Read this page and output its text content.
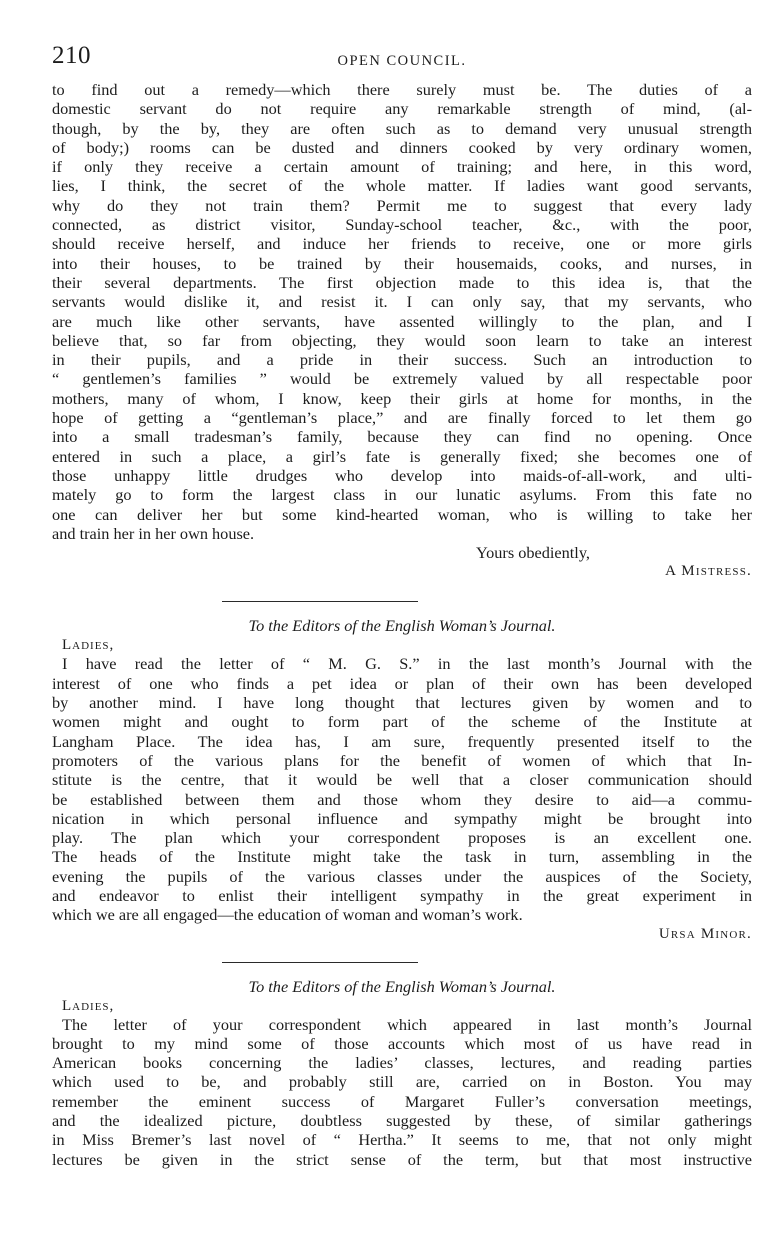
210	OPEN COUNCIL.
to find out a remedy—which there surely must be. The duties of a
domestic servant do not require any remarkable strength of mind, (al-
though, by the by, they are often such as to demand very unusual strength
of body;) rooms can be dusted and dinners cooked by very ordinary women,
if only they receive a certain amount of training; and here, in this word,
lies, I think, the secret of the whole matter. If ladies want good servants,
why do they not train them? Permit me to suggest that every lady
connected, as district visitor, Sunday-school teacher, &c., with the poor,
should receive herself, and induce her friends to receive, one or more girls
into their houses, to be trained by their housemaids, cooks, and nurses, in
their several departments. The first objection made to this idea is, that the
servants would dislike it, and resist it. I can only say, that my servants, who
are much like other servants, have assented willingly to the plan, and I
believe that, so far from objecting, they would soon learn to take an interest
in their pupils, and a pride in their success. Such an introduction to
“ gentlemen’s families ” would be extremely valued by all respectable poor
mothers, many of whom, I know, keep their girls at home for months, in the
hope of getting a “gentleman’s place,” and are finally forced to let them go
into a small tradesman’s family, because they can find no opening. Once
entered in such a place, a girl’s fate is generally fixed; she becomes one of
those unhappy little drudges who develop into maids-of-all-work, and ulti-
mately go to form the largest class in our lunatic asylums. From this fate no
one can deliver her but some kind-hearted woman, who is willing to take her
and train her in her own house.
Yours obediently,
A Mistress.
To the Editors of the English Woman’s Journal.
Ladies,
I have read the letter of “ M. G. S.” in the last month’s Journal with the
interest of one who finds a pet idea or plan of their own has been developed
by another mind. I have long thought that lectures given by women and to
women might and ought to form part of the scheme of the Institute at
Langham Place. The idea has, I am sure, frequently presented itself to the
promoters of the various plans for the benefit of women of which that In-
stitute is the centre, that it would be well that a closer communication should
be established between them and those whom they desire to aid—a commu-
nication in which personal influence and sympathy might be brought into
play. The plan which your correspondent proposes is an excellent one.
The heads of the Institute might take the task in turn, assembling in the
evening the pupils of the various classes under the auspices of the Society,
and endeavor to enlist their intelligent sympathy in the great experiment in
which we are all engaged—the education of woman and woman’s work.
Ursa Minor.
To the Editors of the English Woman’s Journal.
Ladies,
The letter of your correspondent which appeared in last month’s Journal
brought to my mind some of those accounts which most of us have read in
American books concerning the ladies’ classes, lectures, and reading parties
which used to be, and probably still are, carried on in Boston. You may
remember the eminent success of Margaret Fuller’s conversation meetings,
and the idealized picture, doubtless suggested by these, of similar gatherings
in Miss Bremer’s last novel of “ Hertha.” It seems to me, that not only might
lectures be given in the strict sense of the term, but that most instructive
